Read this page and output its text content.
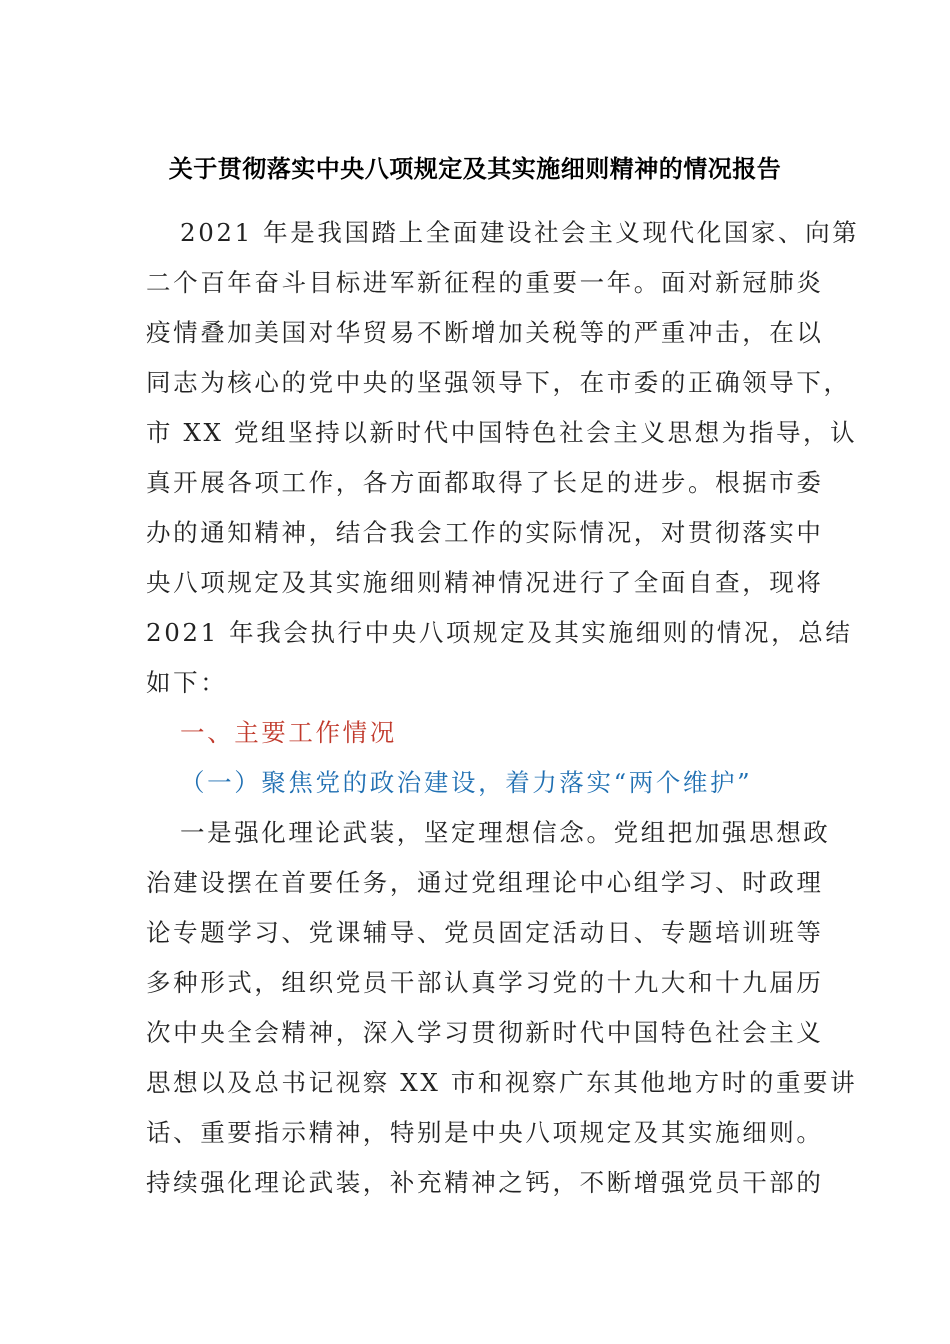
关于贯彻落实中央八项规定及其实施细则精神的情况报告
2021 年是我国踏上全面建设社会主义现代化国家、向第
二个百年奋斗目标进军新征程的重要一年。面对新冠肺炎
疫情叠加美国对华贸易不断增加关税等的严重冲击，在以
同志为核心的党中央的坚强领导下，在市委的正确领导下，
市 XX 党组坚持以新时代中国特色社会主义思想为指导，认
真开展各项工作，各方面都取得了长足的进步。根据市委
办的通知精神，结合我会工作的实际情况，对贯彻落实中
央八项规定及其实施细则精神情况进行了全面自查，现将
2021 年我会执行中央八项规定及其实施细则的情况，总结
如下：
一、主要工作情况
（一）聚焦党的政治建设，着力落实“两个维护”
一是强化理论武装，坚定理想信念。党组把加强思想政
治建设摆在首要任务，通过党组理论中心组学习、时政理
论专题学习、党课辅导、党员固定活动日、专题培训班等
多种形式，组织党员干部认真学习党的十九大和十九届历
次中央全会精神，深入学习贯彻新时代中国特色社会主义
思想以及总书记视察 XX 市和视察广东其他地方时的重要讲
话、重要指示精神，特别是中央八项规定及其实施细则。
持续强化理论武装，补充精神之钙，不断增强党员干部的
